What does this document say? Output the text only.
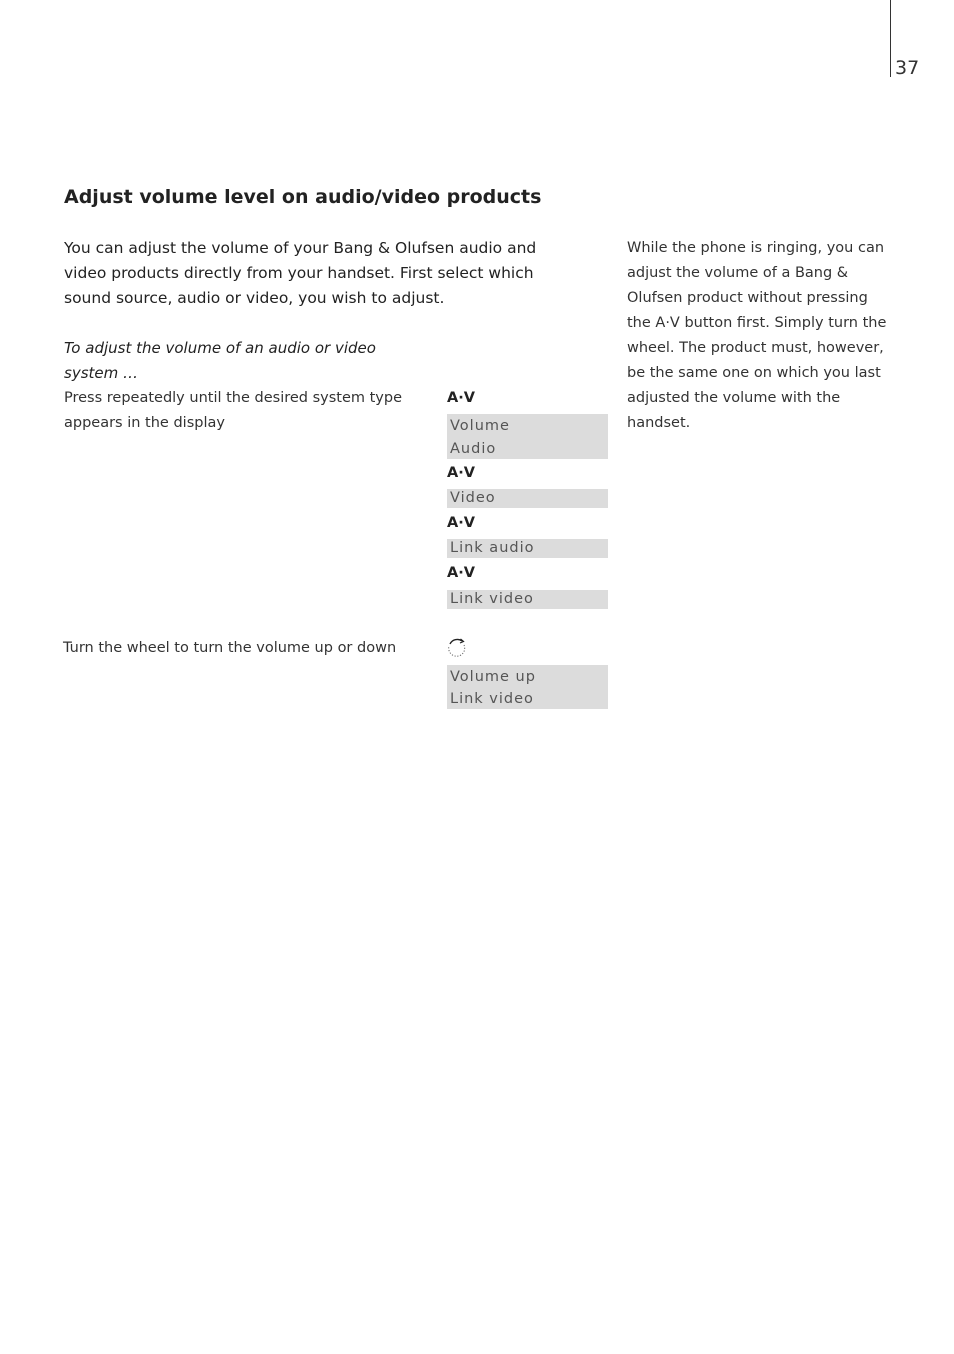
37
Adjust volume level on audio/video products

You can adjust the volume of your Bang & Olufsen audio and video products directly from your handset. First select which sound source, audio or video, you wish to adjust.

To adjust the volume of an audio or video system …

Press repeatedly until the desired system type appears in the display

A·V
Volume
Audio
A·V
Video
A·V
Link audio
A·V
Link video

Turn the wheel to turn the volume up or down

Volume up
Link video

While the phone is ringing, you can adjust the volume of a Bang & Olufsen product without pressing the A·V button first. Simply turn the wheel. The product must, however, be the same one on which you last adjusted the volume with the handset.
